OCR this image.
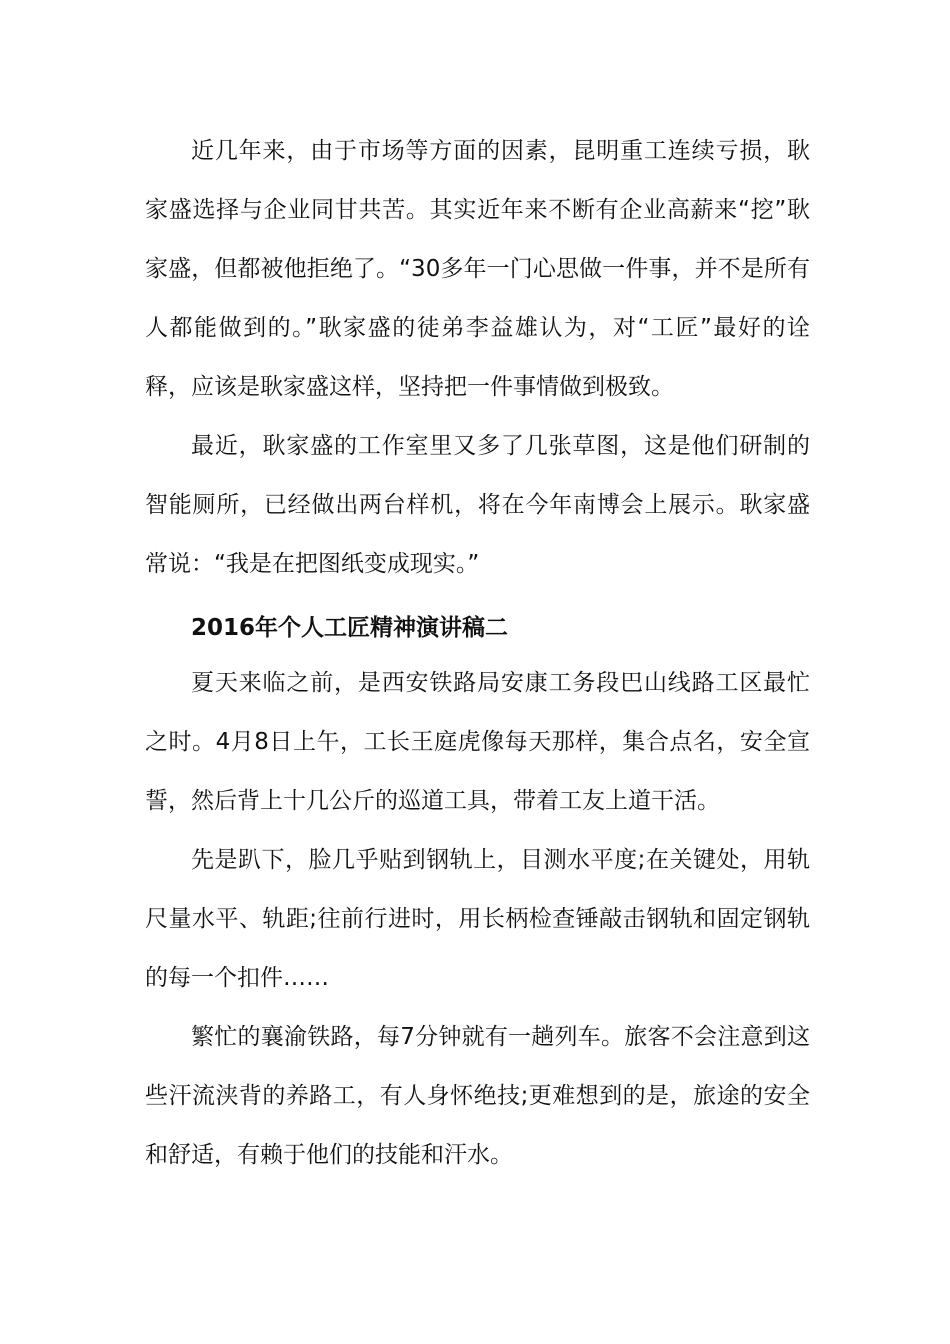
近几年来，由于市场等方面的因素，昆明重工连续亏损，耿家盛选择与企业同甘共苦。其实近年来不断有企业高薪来“挖”耿家盛，但都被他拒绝了。“30多年一门心思做一件事，并不是所有人都能做到的。”耿家盛的徒弟李益雄认为，对“工匠”最好的诠释，应该是耿家盛这样，坚持把一件事情做到极致。

最近，耿家盛的工作室里又多了几张草图，这是他们研制的智能厕所，已经做出两台样机，将在今年南博会上展示。耿家盛常说：“我是在把图纸变成现实。”

2016年个人工匠精神演讲稿二

夏天来临之前，是西安铁路局安康工务段巴山线路工区最忙之时。4月8日上午，工长王庭虎像每天那样，集合点名，安全宣誓，然后背上十几公斤的巡道工具，带着工友上道干活。

先是趴下，脸几乎贴到钢轨上，目测水平度;在关键处，用轨尺量水平、轨距;往前行进时，用长柄检查锤敲击钢轨和固定钢轨的每一个扣件……

繁忙的襄渝铁路，每7分钟就有一趟列车。旅客不会注意到这些汗流浃背的养路工，有人身怀绝技;更难想到的是，旅途的安全和舒适，有赖于他们的技能和汗水。
